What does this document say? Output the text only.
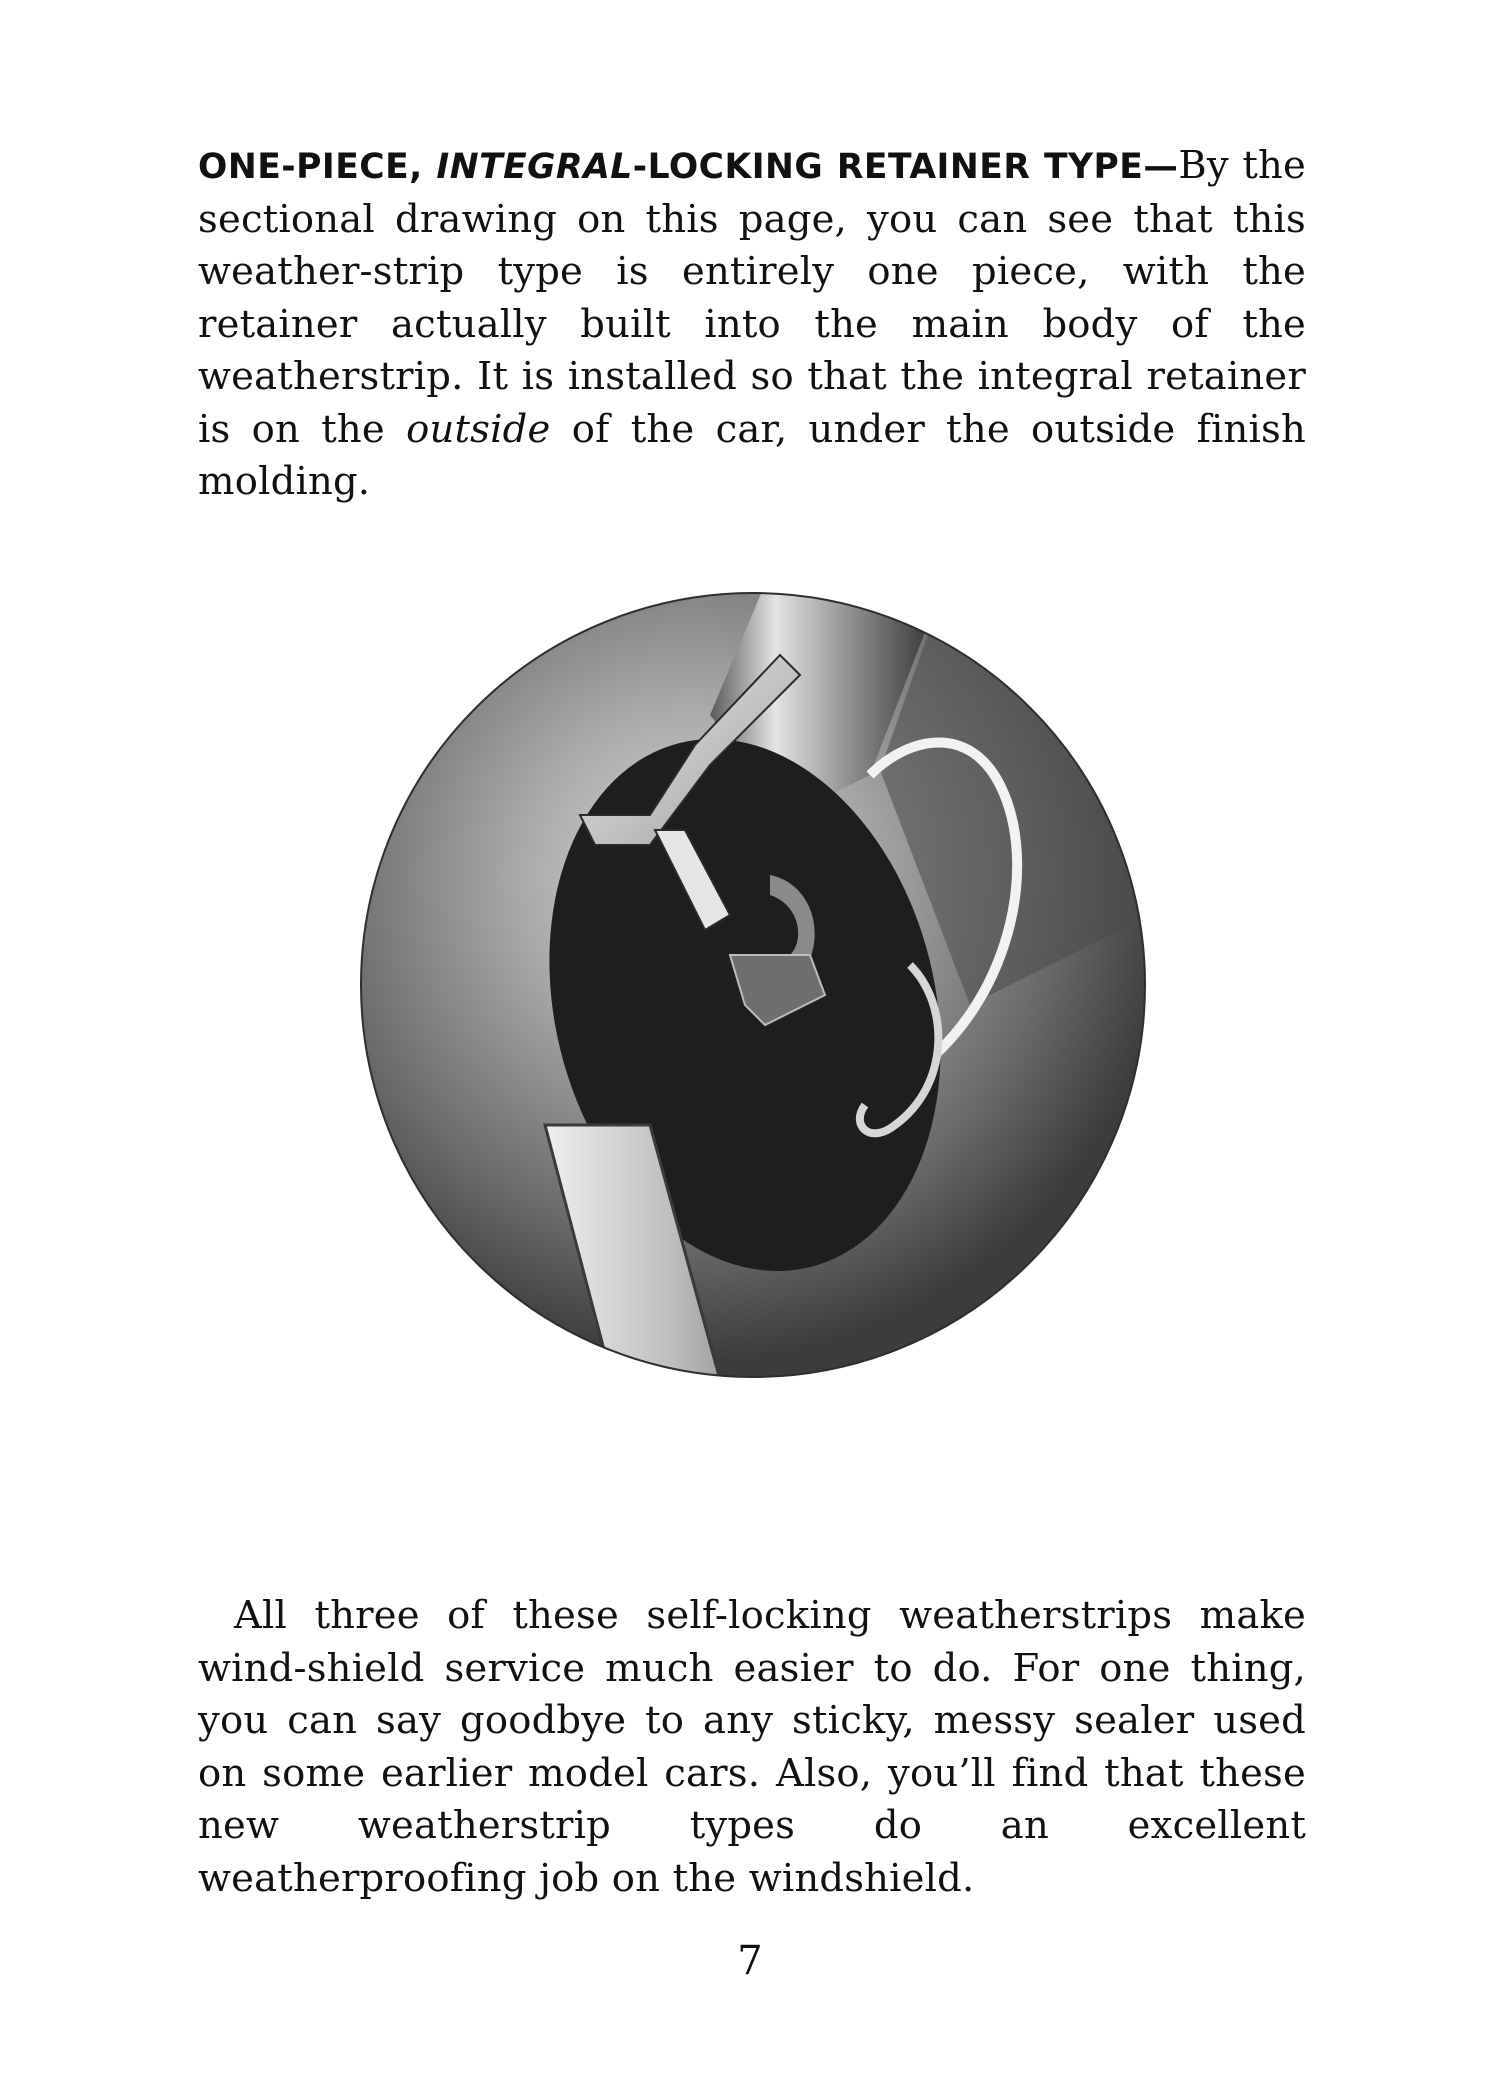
ONE-PIECE, INTEGRAL-LOCKING RETAINER TYPE—By the sectional drawing on this page, you can see that this weather-strip type is entirely one piece, with the retainer actually built into the main body of the weatherstrip. It is installed so that the integral retainer is on the outside of the car, under the outside finish molding.

All three of these self-locking weatherstrips make wind-shield service much easier to do. For one thing, you can say goodbye to any sticky, messy sealer used on some earlier model cars. Also, you’ll find that these new weatherstrip types do an excellent weatherproofing job on the windshield.

7
